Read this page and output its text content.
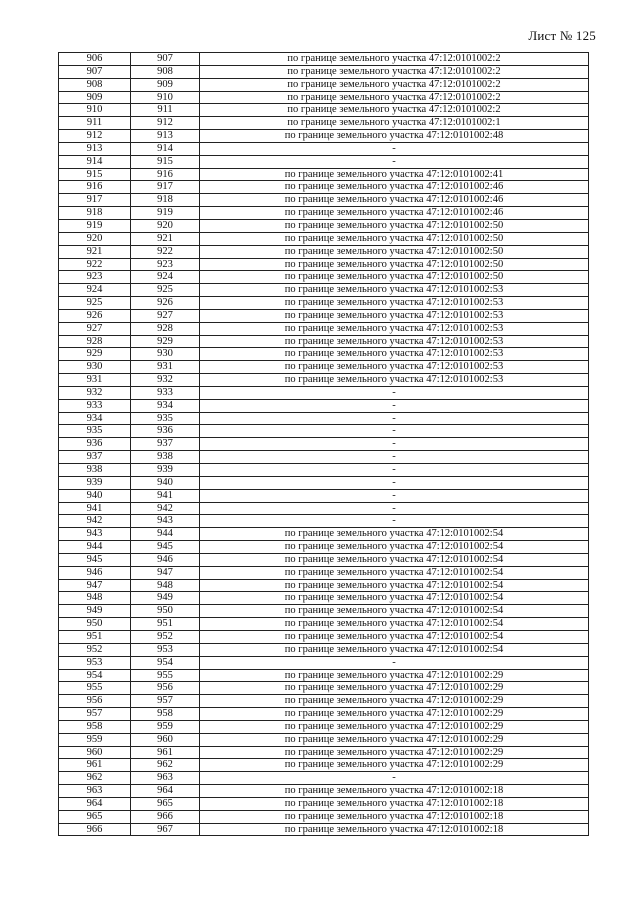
Лист № 125
906	907	по границе земельного участка 47:12:0101002:2
907	908	по границе земельного участка 47:12:0101002:2
908	909	по границе земельного участка 47:12:0101002:2
909	910	по границе земельного участка 47:12:0101002:2
910	911	по границе земельного участка 47:12:0101002:2
911	912	по границе земельного участка 47:12:0101002:1
912	913	по границе земельного участка 47:12:0101002:48
913	914	-
914	915	-
915	916	по границе земельного участка 47:12:0101002:41
916	917	по границе земельного участка 47:12:0101002:46
917	918	по границе земельного участка 47:12:0101002:46
918	919	по границе земельного участка 47:12:0101002:46
919	920	по границе земельного участка 47:12:0101002:50
920	921	по границе земельного участка 47:12:0101002:50
921	922	по границе земельного участка 47:12:0101002:50
922	923	по границе земельного участка 47:12:0101002:50
923	924	по границе земельного участка 47:12:0101002:50
924	925	по границе земельного участка 47:12:0101002:53
925	926	по границе земельного участка 47:12:0101002:53
926	927	по границе земельного участка 47:12:0101002:53
927	928	по границе земельного участка 47:12:0101002:53
928	929	по границе земельного участка 47:12:0101002:53
929	930	по границе земельного участка 47:12:0101002:53
930	931	по границе земельного участка 47:12:0101002:53
931	932	по границе земельного участка 47:12:0101002:53
932	933	-
933	934	-
934	935	-
935	936	-
936	937	-
937	938	-
938	939	-
939	940	-
940	941	-
941	942	-
942	943	-
943	944	по границе земельного участка 47:12:0101002:54
944	945	по границе земельного участка 47:12:0101002:54
945	946	по границе земельного участка 47:12:0101002:54
946	947	по границе земельного участка 47:12:0101002:54
947	948	по границе земельного участка 47:12:0101002:54
948	949	по границе земельного участка 47:12:0101002:54
949	950	по границе земельного участка 47:12:0101002:54
950	951	по границе земельного участка 47:12:0101002:54
951	952	по границе земельного участка 47:12:0101002:54
952	953	по границе земельного участка 47:12:0101002:54
953	954	-
954	955	по границе земельного участка 47:12:0101002:29
955	956	по границе земельного участка 47:12:0101002:29
956	957	по границе земельного участка 47:12:0101002:29
957	958	по границе земельного участка 47:12:0101002:29
958	959	по границе земельного участка 47:12:0101002:29
959	960	по границе земельного участка 47:12:0101002:29
960	961	по границе земельного участка 47:12:0101002:29
961	962	по границе земельного участка 47:12:0101002:29
962	963	-
963	964	по границе земельного участка 47:12:0101002:18
964	965	по границе земельного участка 47:12:0101002:18
965	966	по границе земельного участка 47:12:0101002:18
966	967	по границе земельного участка 47:12:0101002:18
